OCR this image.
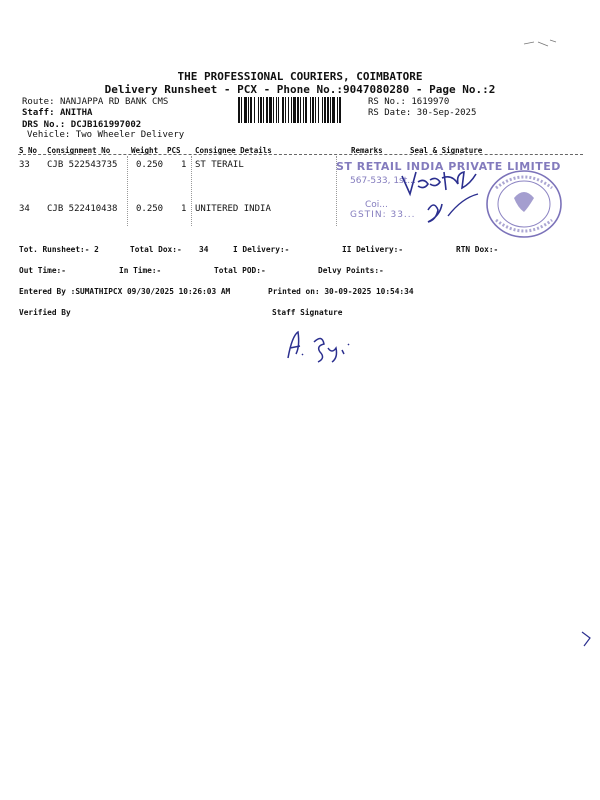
THE PROFESSIONAL COURIERS, COIMBATORE
Delivery Runsheet - PCX - Phone No.:9047080280 - Page No.:2
Route: NANJAPPA RD BANK CMS
Staff: ANITHA
DRS No.: DCJB161997002
Vehicle: Two Wheeler Delivery
RS No.: 1619970
RS Date: 30-Sep-2025
S No Consignment No	Weight PCS Consignee Details	Remarks	Seal & Signature
33 CJB 522543735 0.250 1 ST TERAIL
34 CJB 522410438 0.250 1 UNITERED INDIA
ST RETAIL INDIA PRIVATE LIMITED
567-533, 1st...
Coi...
GSTIN: 33...
Tot. Runsheet:- 2	Total Dox:- 34	I Delivery:-	II Delivery:-	RTN Dox:-
Out Time:-	In Time:-	Total POD:-	Delvy Points:-
Entered By :SUMATHIPCX 09/30/2025 10:26:03 AM	Printed on: 30-09-2025 10:54:34
Verified By	Staff Signature
